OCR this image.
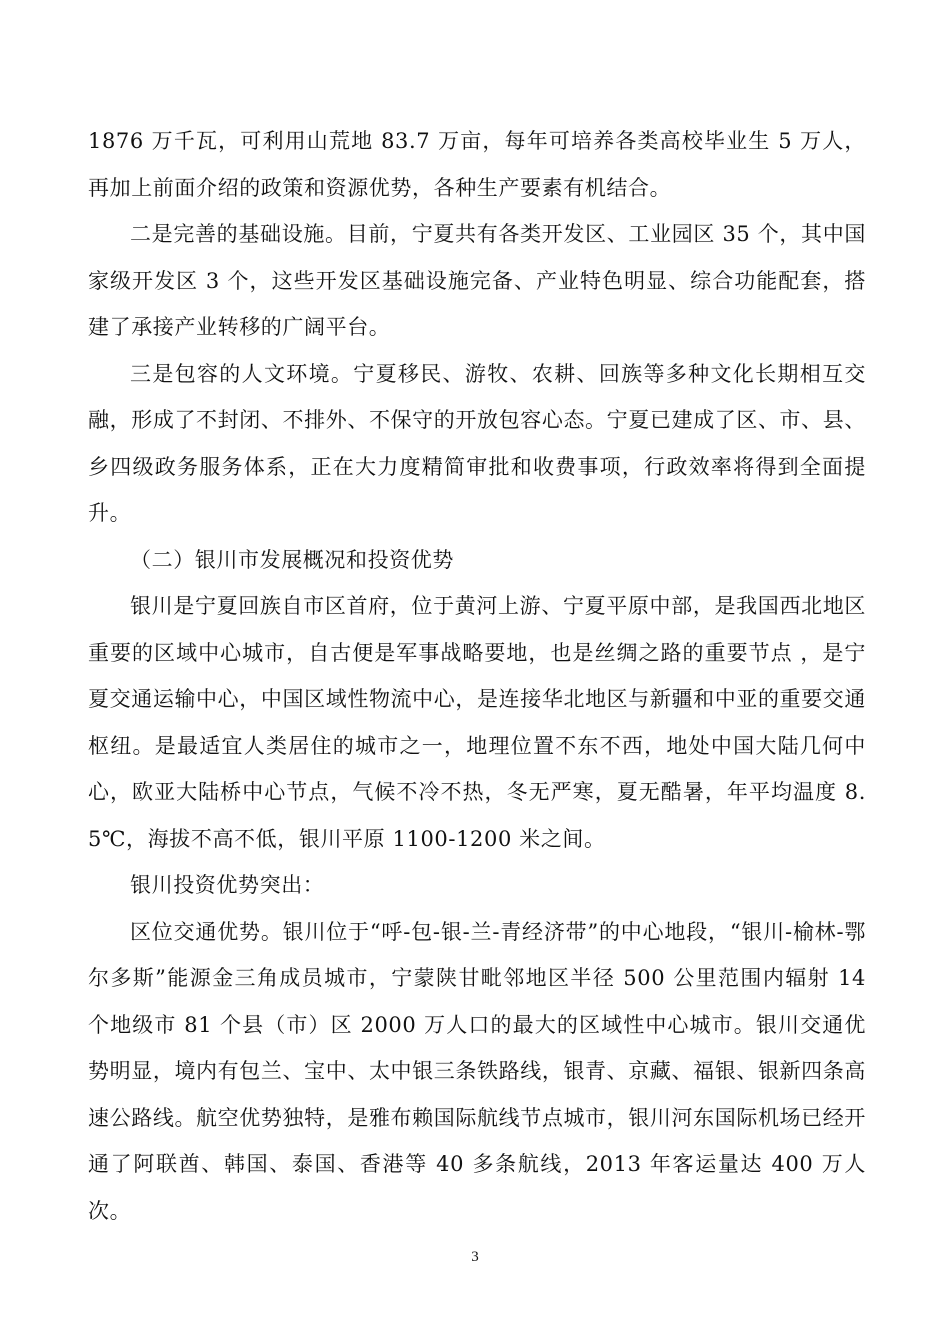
1876 万千瓦，可利用山荒地 83.7 万亩，每年可培养各类高校毕业生 5 万人，再加上前面介绍的政策和资源优势，各种生产要素有机结合。

二是完善的基础设施。目前，宁夏共有各类开发区、工业园区 35 个，其中国家级开发区 3 个，这些开发区基础设施完备、产业特色明显、综合功能配套，搭建了承接产业转移的广阔平台。

三是包容的人文环境。宁夏移民、游牧、农耕、回族等多种文化长期相互交融，形成了不封闭、不排外、不保守的开放包容心态。宁夏已建成了区、市、县、乡四级政务服务体系，正在大力度精简审批和收费事项，行政效率将得到全面提升。

（二）银川市发展概况和投资优势

银川是宁夏回族自市区首府，位于黄河上游、宁夏平原中部，是我国西北地区重要的区域中心城市，自古便是军事战略要地，也是丝绸之路的重要节点 ，是宁夏交通运输中心，中国区域性物流中心，是连接华北地区与新疆和中亚的重要交通枢纽。是最适宜人类居住的城市之一，地理位置不东不西，地处中国大陆几何中心，欧亚大陆桥中心节点，气候不冷不热，冬无严寒，夏无酷暑，年平均温度 8.5℃，海拔不高不低，银川平原 1100-1200 米之间。

银川投资优势突出：

区位交通优势。银川位于“呼-包-银-兰-青经济带”的中心地段，“银川-榆林-鄂尔多斯”能源金三角成员城市，宁蒙陕甘毗邻地区半径 500 公里范围内辐射 14 个地级市 81 个县（市）区 2000 万人口的最大的区域性中心城市。银川交通优势明显，境内有包兰、宝中、太中银三条铁路线，银青、京藏、福银、银新四条高速公路线。航空优势独特，是雅布赖国际航线节点城市，银川河东国际机场已经开通了阿联酋、韩国、泰国、香港等 40 多条航线，2013 年客运量达 400 万人次。

3
